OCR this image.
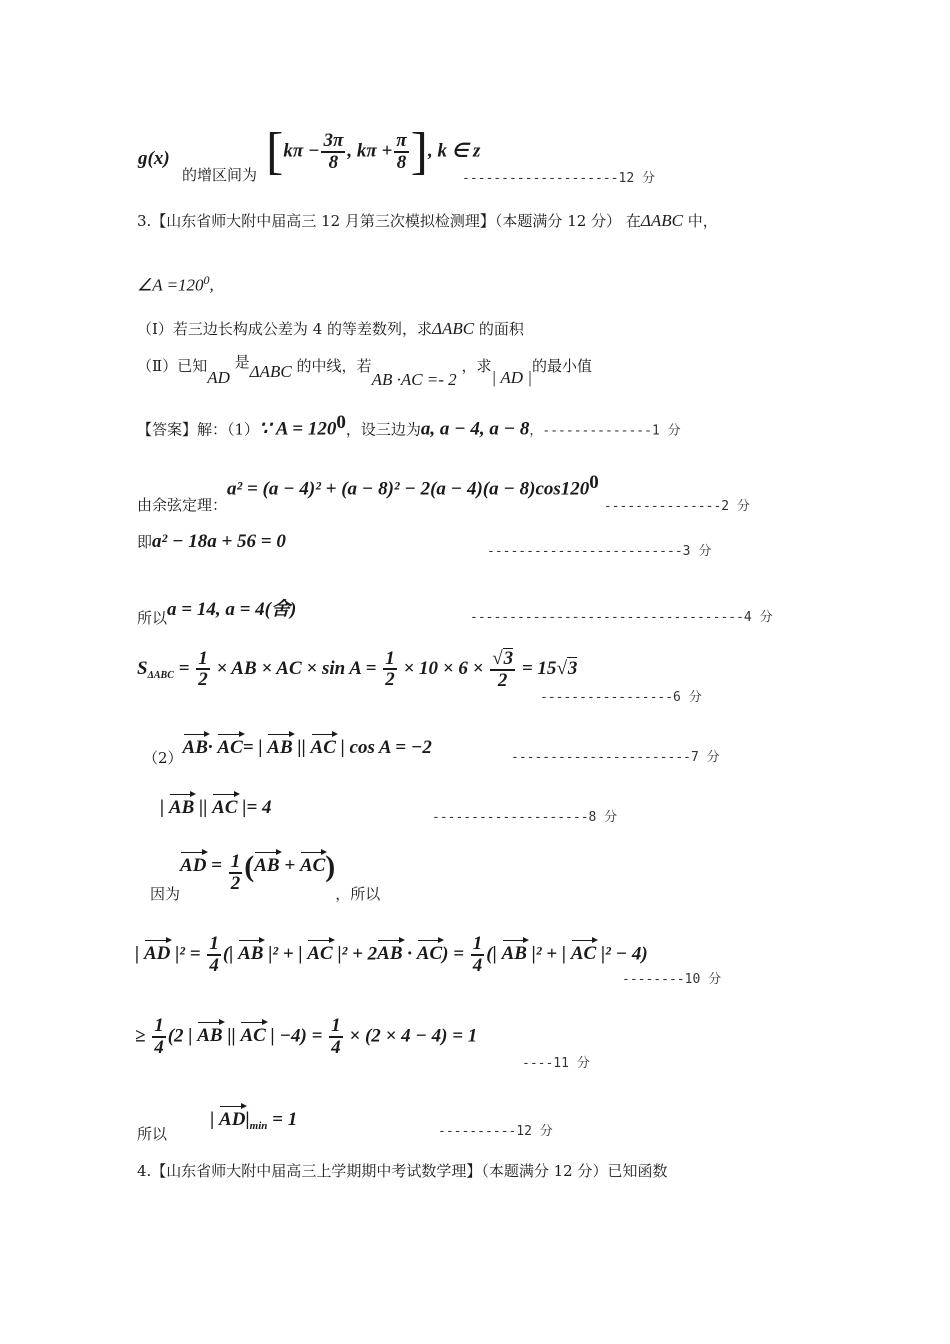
g(x)
的增区间为 [$k\pi - \frac{3\pi}{8}$ , $k\pi + \frac{\pi}{8}$ ], k ∈ z
--------------------12 分
3.【山东省师大附中届高三 12 月第三次模拟检测理】（本题满分 12 分） 在ΔABC 中，
∠A $=120^0$,
（Ⅰ）若三边长构成公差为 4 的等差数列，求ΔABC 的面积
（Ⅱ）已知AD 是ΔABC 的中线，若AB ·AC =- 2 ，求| AD |的最小值
【答案】解：（1）∵ $A = 120^0$，设三边为a, a − 4, a − 8，--------------1 分
由余弦定理：$a^2 = (a - 4)^2 + (a - 8)^2 - 2(a - 4)(a - 8)\cos 120^0$ $_{---------------2 分}$
即a² − 18a + 56 = 0	-------------------------3 分
所以a = 14, a = 4(舍)	-----------------------------------4 分
$S_{\Delta ABC} = \frac{1}{2}$ × AB × AC × $\sin A = \frac{1}{2} \times 10 \times 6 \times \frac{√3}{2} = 15√3$
-----------------6 分
（2）AB· AC= | AB || AC | cos A = −2	-----------------------7 分
| AB || AC |= 4	--------------------8 分
因为AD = $\frac{1}{2} (AB + AC)$，所以
| AD $|^2 = \frac{1}{4}$ (| AB |² + | AC $|^2 + 2AB \cdot AC) = \frac{1}{4}$ (| AB |² + | AC |² − 4)
--------10 分
≥ $\frac{1}{4} (2$ | AB || AC | $-4) = \frac{1}{4} \times (2 \times 4 - 4) = 1$
----11 分
所以 | $AD|_{min} = 1$
----------12 分
4.【山东省师大附中届高三上学期期中考试数学理】（本题满分 12 分）已知函数
